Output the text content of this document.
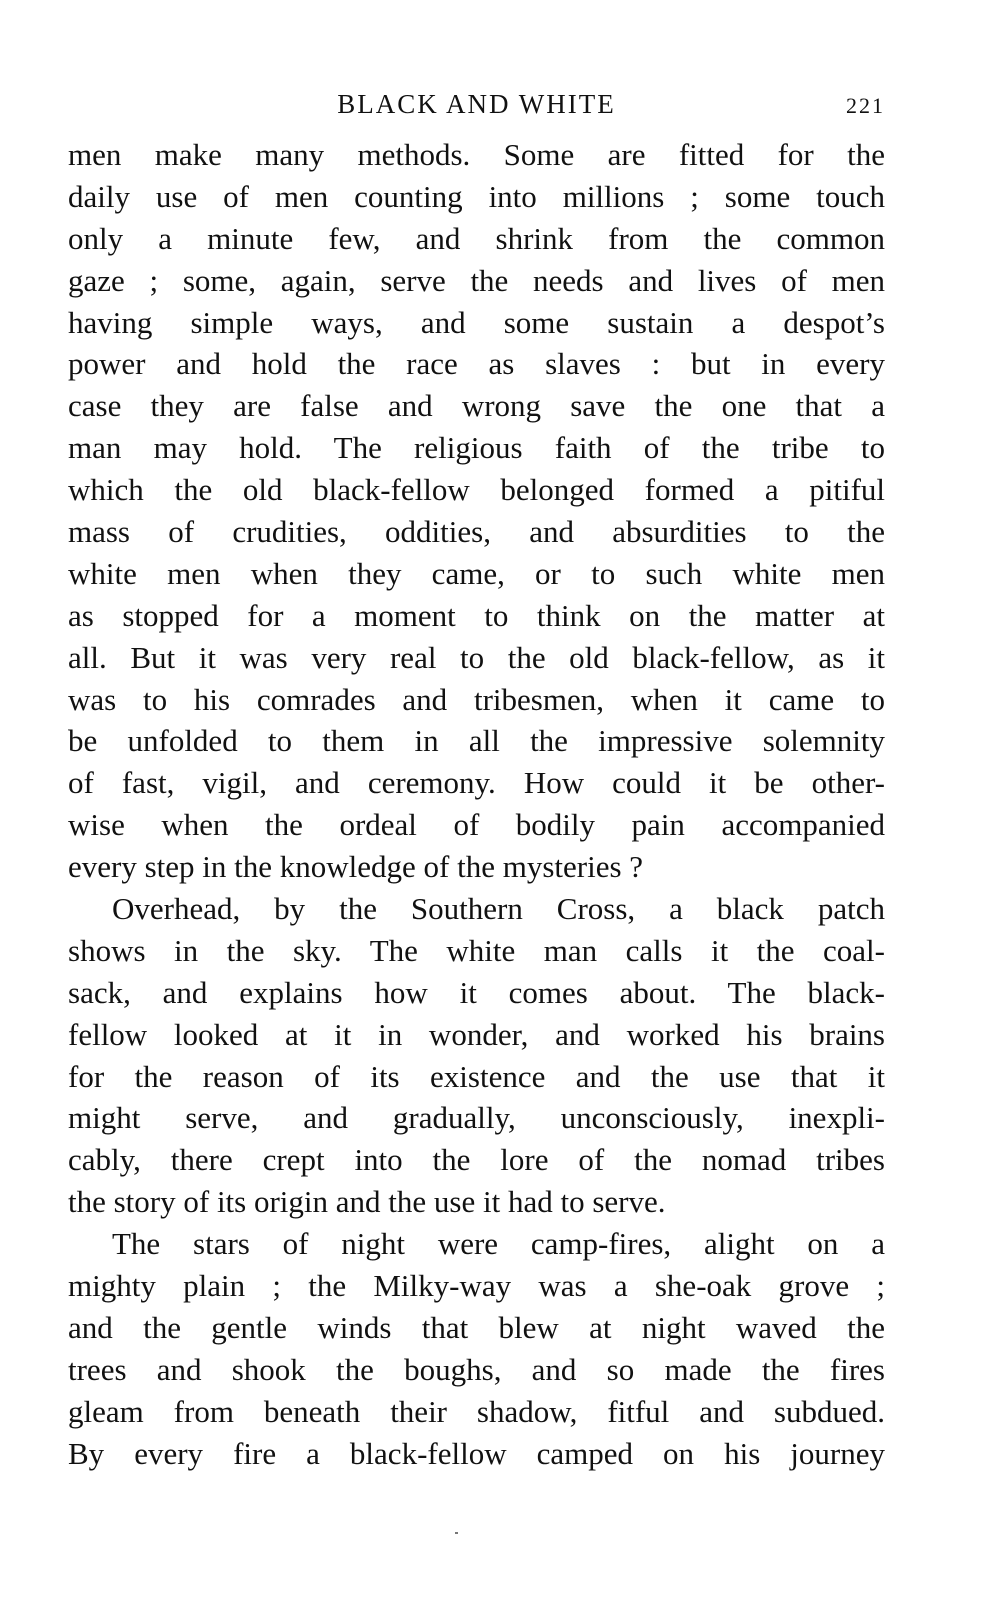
BLACK AND WHITE	221
men make many methods. Some are fitted for the
daily use of men counting into millions ; some touch
only a minute few, and shrink from the common
gaze ; some, again, serve the needs and lives of men
having simple ways, and some sustain a despot’s
power and hold the race as slaves : but in every
case they are false and wrong save the one that a
man may hold. The religious faith of the tribe to
which the old black-fellow belonged formed a pitiful
mass of crudities, oddities, and absurdities to the
white men when they came, or to such white men
as stopped for a moment to think on the matter at
all. But it was very real to the old black-fellow, as it
was to his comrades and tribesmen, when it came to
be unfolded to them in all the impressive solemnity
of fast, vigil, and ceremony. How could it be other-
wise when the ordeal of bodily pain accompanied
every step in the knowledge of the mysteries ?
Overhead, by the Southern Cross, a black patch
shows in the sky. The white man calls it the coal-
sack, and explains how it comes about. The black-
fellow looked at it in wonder, and worked his brains
for the reason of its existence and the use that it
might serve, and gradually, unconsciously, inexpli-
cably, there crept into the lore of the nomad tribes
the story of its origin and the use it had to serve.
The stars of night were camp-fires, alight on a
mighty plain ; the Milky-way was a she-oak grove ;
and the gentle winds that blew at night waved the
trees and shook the boughs, and so made the fires
gleam from beneath their shadow, fitful and subdued.
By every fire a black-fellow camped on his journey
